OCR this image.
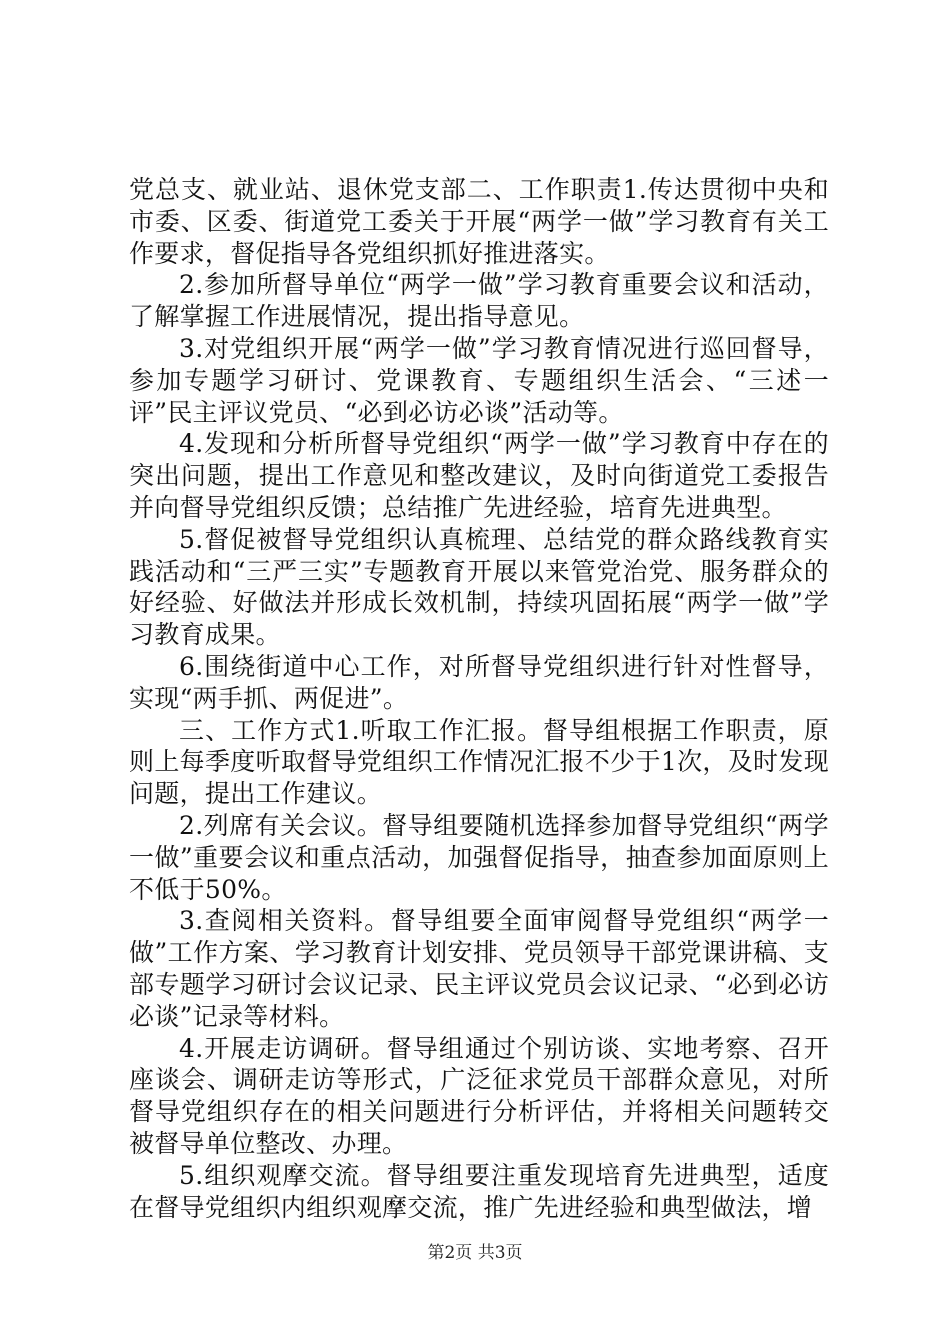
党总支、就业站、退休党支部二、工作职责1.传达贯彻中央和市委、区委、街道党工委关于开展“两学一做”学习教育有关工作要求，督促指导各党组织抓好推进落实。

2.参加所督导单位“两学一做”学习教育重要会议和活动，了解掌握工作进展情况，提出指导意见。

3.对党组织开展“两学一做”学习教育情况进行巡回督导，参加专题学习研讨、党课教育、专题组织生活会、“三述一评”民主评议党员、“必到必访必谈”活动等。

4.发现和分析所督导党组织“两学一做”学习教育中存在的突出问题，提出工作意见和整改建议，及时向街道党工委报告并向督导党组织反馈；总结推广先进经验，培育先进典型。

5.督促被督导党组织认真梳理、总结党的群众路线教育实践活动和“三严三实”专题教育开展以来管党治党、服务群众的好经验、好做法并形成长效机制，持续巩固拓展“两学一做”学习教育成果。

6.围绕街道中心工作，对所督导党组织进行针对性督导，实现“两手抓、两促进”。

三、工作方式1.听取工作汇报。督导组根据工作职责，原则上每季度听取督导党组织工作情况汇报不少于1次，及时发现问题，提出工作建议。

2.列席有关会议。督导组要随机选择参加督导党组织“两学一做”重要会议和重点活动，加强督促指导，抽查参加面原则上不低于50%。

3.查阅相关资料。督导组要全面审阅督导党组织“两学一做”工作方案、学习教育计划安排、党员领导干部党课讲稿、支部专题学习研讨会议记录、民主评议党员会议记录、“必到必访必谈”记录等材料。

4.开展走访调研。督导组通过个别访谈、实地考察、召开座谈会、调研走访等形式，广泛征求党员干部群众意见，对所督导党组织存在的相关问题进行分析评估，并将相关问题转交被督导单位整改、办理。

5.组织观摩交流。督导组要注重发现培育先进典型，适度在督导党组织内组织观摩交流，推广先进经验和典型做法，增

第2页 共3页
